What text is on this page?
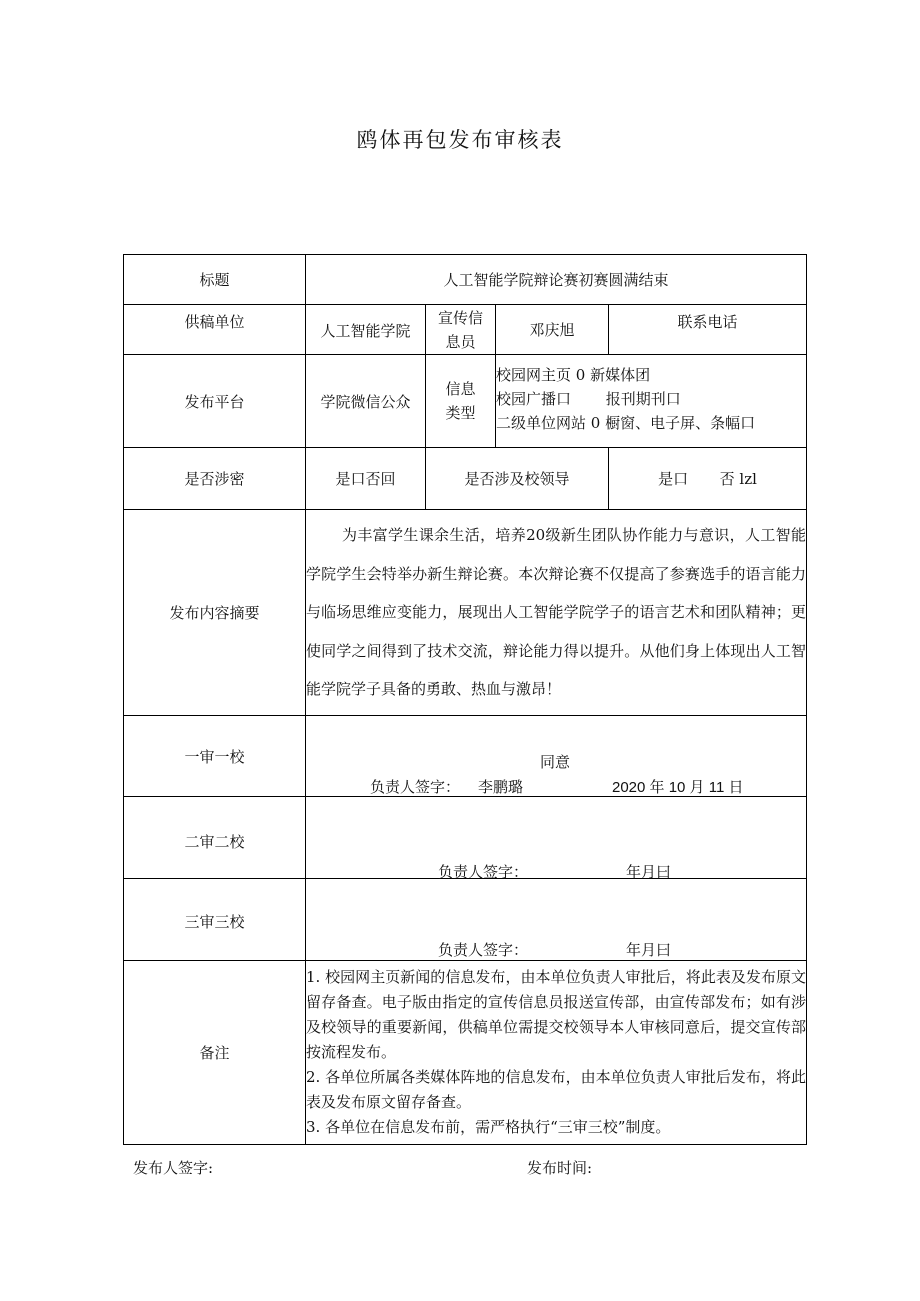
鸥体再包发布审核表
标题	人工智能学院辩论赛初赛圆满结束			
供稿单位	人工智能学院	宣传信息员	邓庆旭	联系电话
发布平台	学院微信公众	信息类型	校园网主页 0 新媒体团
校园广播口　　 报刊期刊口
二级单位网站 0 橱窗、电子屏、条幅口	

是否涉密	是口否回	是否涉及校领导		是口 否 lzl
发布内容摘要	为丰富学生课余生活，培养20级新生团队协作能力与意识，人工智能学院学生会特举办新生辩论赛。本次辩论赛不仅提高了参赛选手的语言能力与临场思维应变能力，展现出人工智能学院学子的语言艺术和团队精神；更使同学之间得到了技术交流，辩论能力得以提升。从他们身上体现出人工智能学院学子具备的勇敢、热血与激昂！			

一审一校	同意
负责人签字： 李鹏璐 2020 年 10 月 11 日			

二审二校	负责人签字： 年月曰			

三审三校	负责人签字： 年月曰			

备注	1. 校园网主页新闻的信息发布，由本单位负责人审批后，将此表及发布原文留存备查。电子版由指定的宣传信息员报送宣传部，由宣传部发布；如有涉及校领导的重要新闻，供稿单位需提交校领导本人审核同意后，提交宣传部按流程发布。
2. 各单位所属各类媒体阵地的信息发布，由本单位负责人审批后发布，将此表及发布原文留存备查。
3. 各单位在信息发布前，需严格执行“三审三校”制度。			
发布人签字:	发布时间:
